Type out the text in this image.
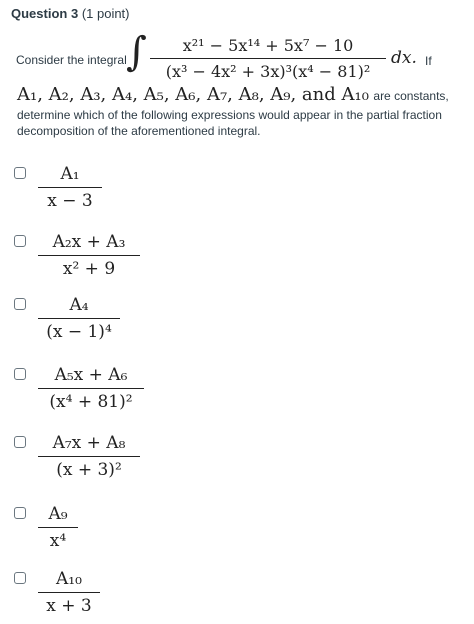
Question 3 (1 point)
Consider the integral ∫	x²¹ − 5x¹⁴ + 5x⁷ − 10
(x³ − 4x² + 3x)³(x⁴ − 81)²
dx. If
A₁, A₂, A₃, A₄, A₅, A₆, A₇, A₈, A₉, and A₁₀ are constants,
determine which of the following expressions would appear in the partial fraction decomposition of the aforementioned integral.
A₁
x − 3
A₂x + A₃
x² + 9
A₄
(x − 1)⁴
A₅x + A₆
(x⁴ + 81)²
A₇x + A₈
(x + 3)²
A₉
x⁴
A₁₀
x + 3
